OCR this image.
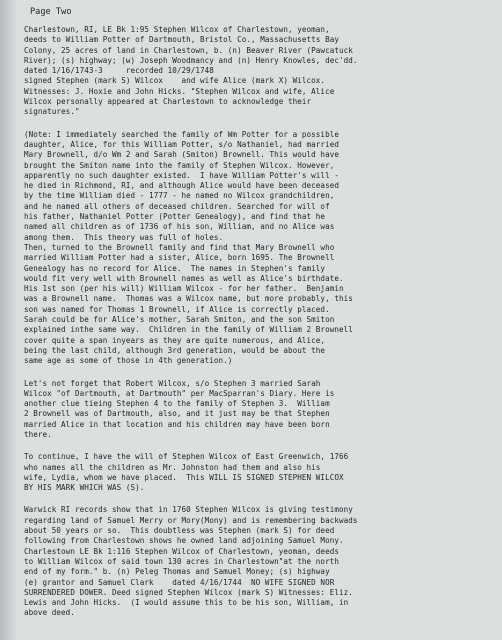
Page Two
Charlestown, RI, LE Bk 1:95 Stephen Wilcox of Charlestown, yeoman,
deeds to William Potter of Dartmouth, Bristol Co., Massachusetts Bay
Colony, 25 acres of land in Charlestown, b. (n) Beaver River (Pawcatuck
River); (s) highway; (w) Joseph Woodmancy and (n) Henry Knowles, dec'dd.
dated 1/16/1743-3     recorded 10/29/1748
signed Stephen (mark S) Wilcox    and wife Alice (mark X) Wilcox.
Witnesses: J. Hoxie and John Hicks. "Stephen Wilcox and wife, Alice
Wilcox personally appeared at Charlestown to acknowledge their
signatures."
(Note: I immediately searched the family of Wm Potter for a possible
daughter, Alice, for this William Potter, s/o Nathaniel, had married
Mary Brownell, d/o Wm 2 and Sarah (Smiton) Brownell. This would have
brought the Smiton name into the family of Stephen Wilcox. However,
apparently no such daughter existed.  I have William Potter's will -
he died in Richmond, RI, and although Alice would have been deceased
by the time William died - 1777 - he named no Wilcox grandchildren,
and he named all others of deceased children. Searched for will of
his father, Nathaniel Potter (Potter Genealogy), and find that he
named all children as of 1736 of his son, William, and no Alice was
among them.  This theory was full of holes.
Then, turned to the Brownell family and find that Mary Brownell who
married William Potter had a sister, Alice, born 1695. The Brownell
Genealogy has no record for Alice.  The names in Stephen's family
would fit very well with Brownell names as well as Alice's birthdate.
His 1st son (per his will) William Wilcox - for her father.  Benjamin
was a Brownell name.  Thomas was a Wilcox name, but more probably, this
son was named for Thomas 1 Brownell, if Alice is correctly placed.
Sarah could be for Alice's mother, Sarah Smiton, and the son Smiton
explained inthe same way.  Children in the family of William 2 Brownell
cover quite a span inyears as they are quite numerous, and Alice,
being the last child, although 3rd generation, would be about the
same age as some of those in 4th generation.)
Let's not forget that Robert Wilcox, s/o Stephen 3 married Sarah
Wilcox "of Dartmouth, at Dartmouth" per MacSparran's Diary. Here is
another clue tieing Stephen 4 to the family of Stephen 3.  William
2 Brownell was of Dartmouth, also, and it just may be that Stephen
married Alice in that location and his children may have been born
there.
To continue, I have the will of Stephen Wilcox of East Greenwich, 1766
who names all the children as Mr. Johnston had them and also his
wife, Lydia, whom we have placed.  This WILL IS SIGNED STEPHEN WILCOX
BY HIS MARK WHICH WAS (S).
Warwick RI records show that in 1760 Stephen Wilcox is giving testimony
regarding land of Samuel Merry or Mory(Mony) and is remembering backwads
about 50 years or so.  This doubtless was Stephen (mark S) for deed
following from Charlestown shows he owned land adjoining Samuel Mony.
Charlestown LE Bk 1:116 Stephen Wilcox of Charlestown, yeoman, deeds
to William Wilcox of said town 130 acres in Charlestown"at the north
end of my form." b. (n) Peleg Thomas and Samuel Money; (s) highway
(e) grantor and Samuel Clark    dated 4/16/1744  NO WIFE SIGNED NOR
SURRENDERED DOWER. Deed signed Stephen Wilcox (mark S) Witnesses: Eliz.
Lewis and John Hicks.  (I would assume this to be his son, William, in
above deed.
